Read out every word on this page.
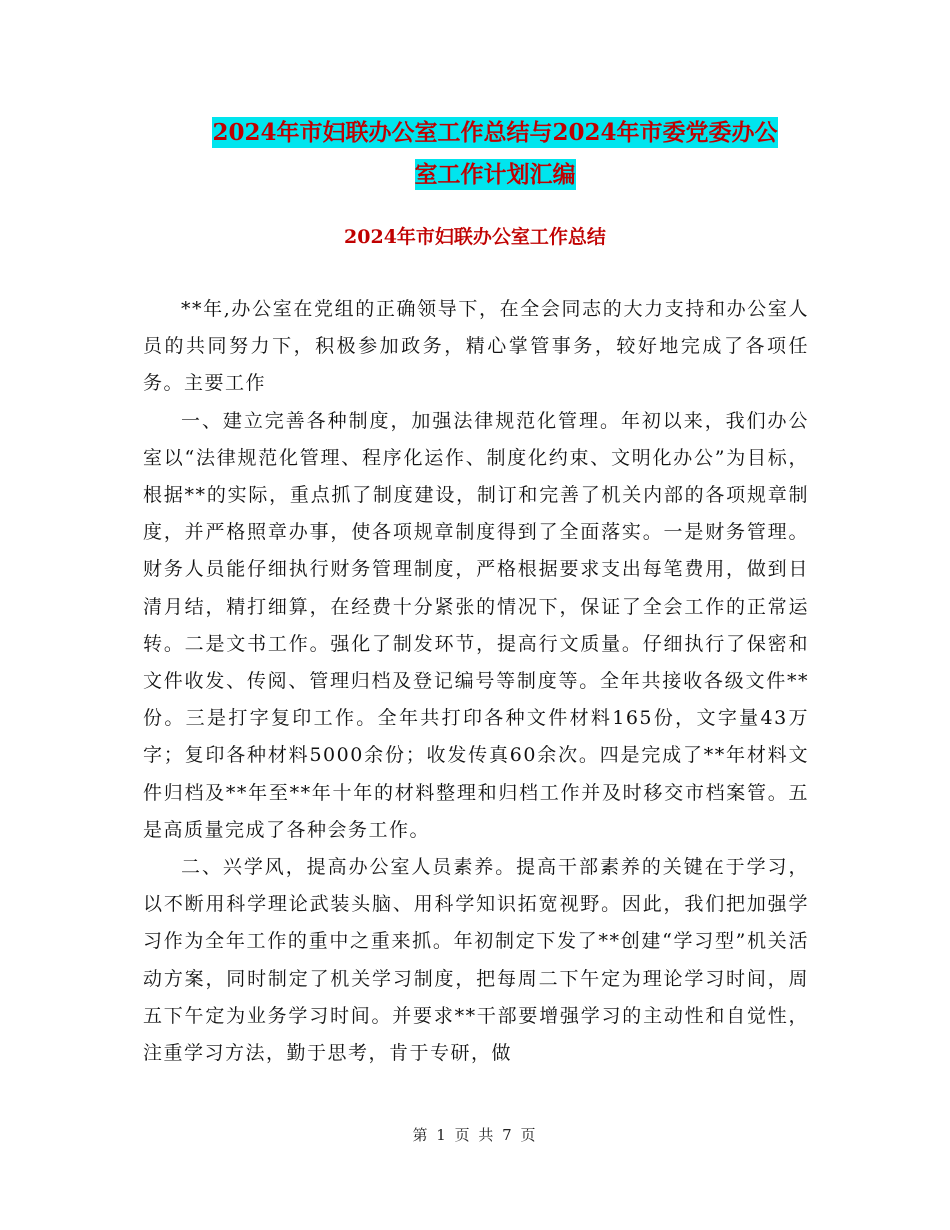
2024年市妇联办公室工作总结与2024年市委党委办公
室工作计划汇编
2024年市妇联办公室工作总结

**年,办公室在党组的正确领导下，在全会同志的大力支持和办公室人员的共同努力下，积极参加政务，精心掌管事务，较好地完成了各项任务。主要工作

一、建立完善各种制度，加强法律规范化管理。年初以来，我们办公室以“法律规范化管理、程序化运作、制度化约束、文明化办公”为目标，根据**的实际，重点抓了制度建设，制订和完善了机关内部的各项规章制度，并严格照章办事，使各项规章制度得到了全面落实。一是财务管理。财务人员能仔细执行财务管理制度，严格根据要求支出每笔费用，做到日清月结，精打细算，在经费十分紧张的情况下，保证了全会工作的正常运转。二是文书工作。强化了制发环节，提高行文质量。仔细执行了保密和文件收发、传阅、管理归档及登记编号等制度等。全年共接收各级文件**份。三是打字复印工作。全年共打印各种文件材料165份，文字量43万字；复印各种材料5000余份；收发传真60余次。四是完成了**年材料文件归档及**年至**年十年的材料整理和归档工作并及时移交市档案管。五是高质量完成了各种会务工作。

二、兴学风，提高办公室人员素养。提高干部素养的关键在于学习，以不断用科学理论武装头脑、用科学知识拓宽视野。因此，我们把加强学习作为全年工作的重中之重来抓。年初制定下发了**创建“学习型”机关活动方案，同时制定了机关学习制度，把每周二下午定为理论学习时间，周五下午定为业务学习时间。并要求**干部要增强学习的主动性和自觉性，注重学习方法，勤于思考，肯于专研，做

第 1 页 共 7 页
